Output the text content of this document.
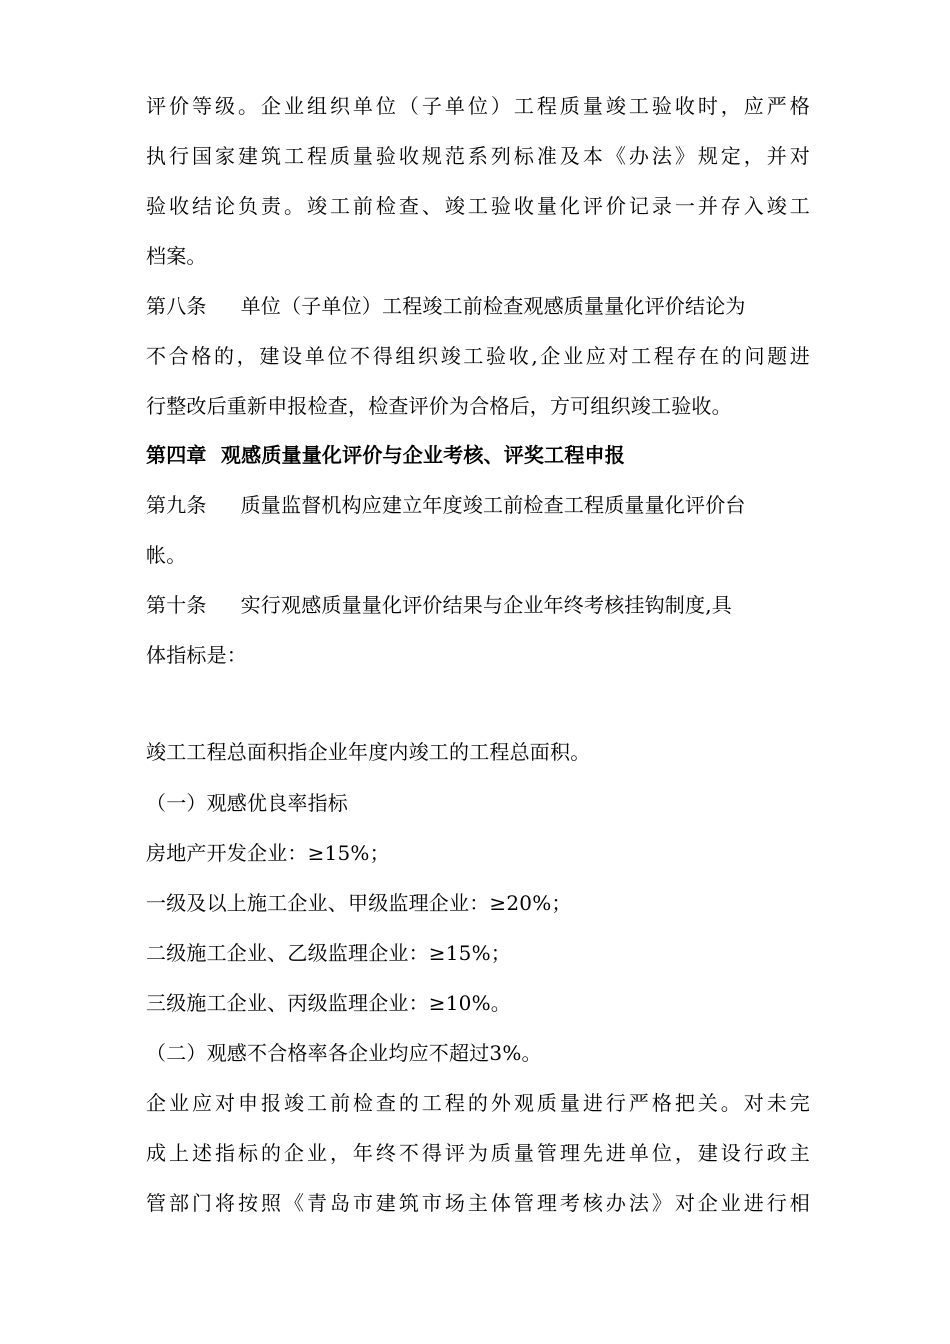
评价等级。企业组织单位（子单位）工程质量竣工验收时，应严格
执行国家建筑工程质量验收规范系列标准及本《办法》规定，并对
验收结论负责。竣工前检查、竣工验收量化评价记录一并存入竣工
档案。
第八条 单位（子单位）工程竣工前检查观感质量量化评价结论为
不合格的，建设单位不得组织竣工验收,企业应对工程存在的问题进
行整改后重新申报检查，检查评价为合格后，方可组织竣工验收。
第四章  观感质量量化评价与企业考核、评奖工程申报
第九条 质量监督机构应建立年度竣工前检查工程质量量化评价台
帐。
第十条 实行观感质量量化评价结果与企业年终考核挂钩制度,具
体指标是：
竣工工程总面积指企业年度内竣工的工程总面积。
（一）观感优良率指标
房地产开发企业：≥15%；
一级及以上施工企业、甲级监理企业：≥20%；
二级施工企业、乙级监理企业：≥15%；
三级施工企业、丙级监理企业：≥10%。
（二）观感不合格率各企业均应不超过3%。
企业应对申报竣工前检查的工程的外观质量进行严格把关。对未完
成上述指标的企业，年终不得评为质量管理先进单位，建设行政主
管部门将按照《青岛市建筑市场主体管理考核办法》对企业进行相
